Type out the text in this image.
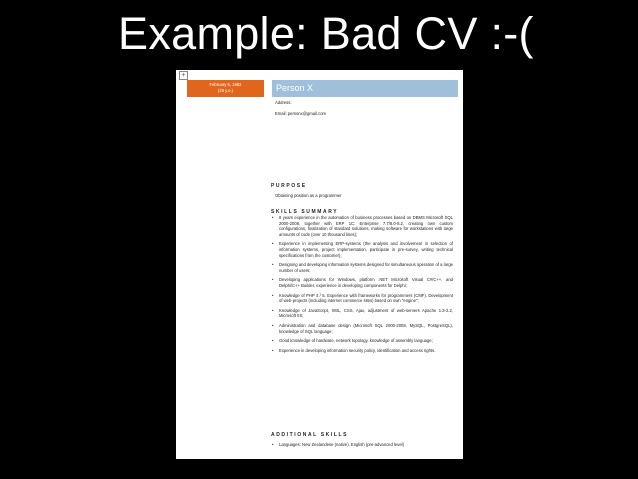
Example: Bad CV :-(
February 6, 1982
(28 y.o.)	Person X
Address:
Email: personx@gmail.com
PURPOSE
Obtaining position as a programmer
SKILLS SUMMARY
• 8 years experience in the automation of business processes based on DBMS Microsoft SQL 2000-2008, together with ERP 1C: Enterprise 7.7/8.0-8.2, creating own custom configurations, finalization of standard solutions, making software for workstations with large amounts of code (over 10 thousand lines);
• Experience in implementing ERP-systems (the analysis and involvement in selection of information systems, project implementation, participate in pre-survey, writing technical specifications from the customer);
• Designing and developing information systems designed for simultaneous operation of a large number of users;
• Developing applications for Windows, platform .NET Microsoft Visual C#/C++, and Delphi/C++ Builder, experience in developing components for Delphi;
• Knowledge of PHP 4 / 5. Experience with frameworks for programmers (CMF). Development of web-projects (including internet commerce sites) based on own "engine";
• Knowledge of JavaScript, XML, CSS, Ajax, adjustment of web-servers Apache 1.3-2.2, Microsoft IIS;
• Administration and database design (Microsoft SQL 2000-2008, MySQL, PostgreSQL), knowledge of SQL language;
• Good knowledge of hardware, network topology, knowledge of assembly language;
• Experience in developing information security policy, identification and access rights.
ADDITIONAL SKILLS
• Languages: New Zeelandese (native), English (pre-advanced level)
+
